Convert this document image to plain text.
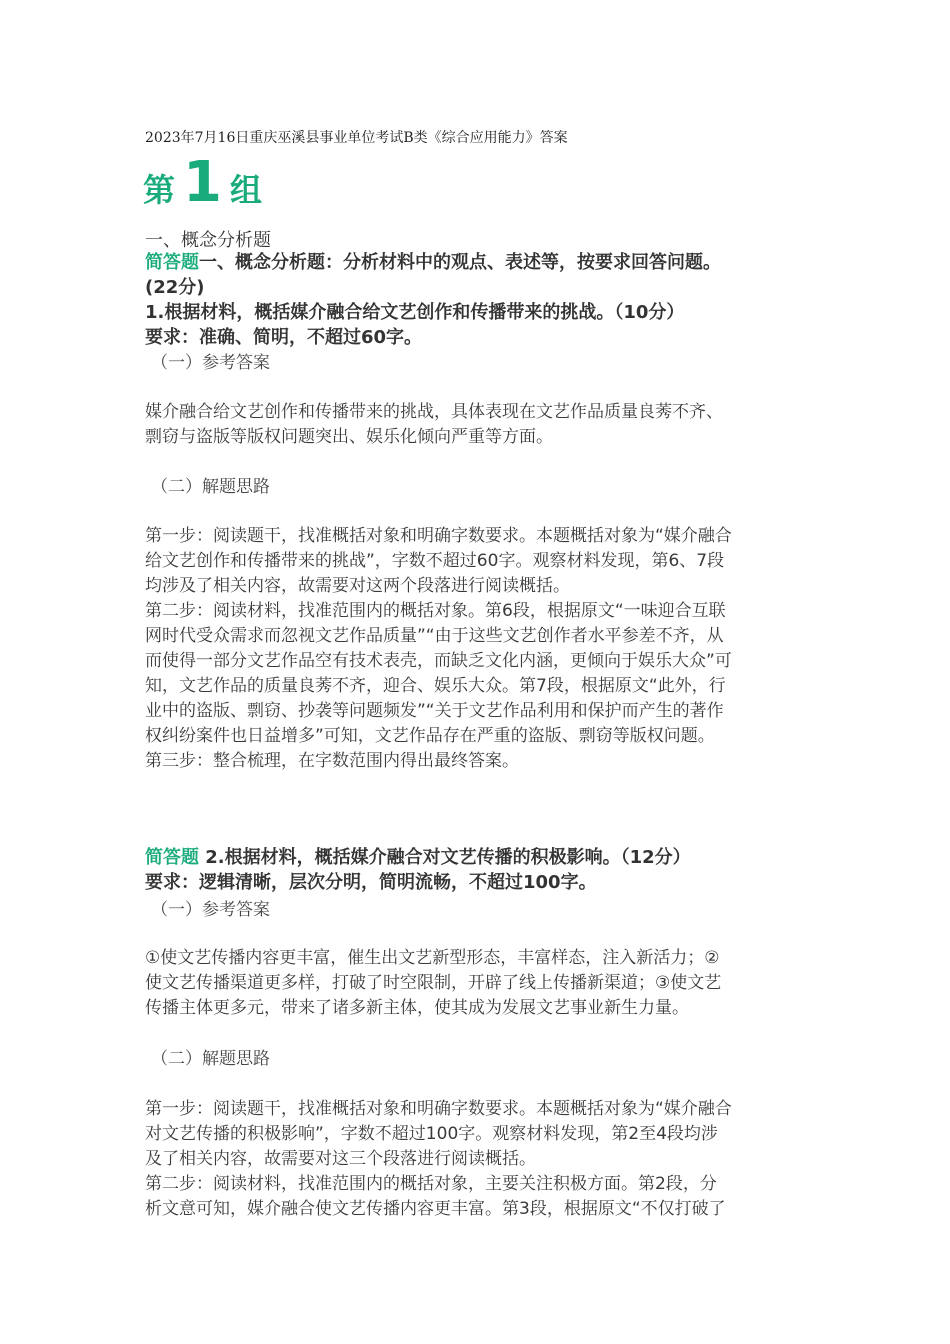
2023年7月16日重庆巫溪县事业单位考试B类《综合应用能力》答案
第 1 组
一、概念分析题

简答题一、概念分析题：分析材料中的观点、表述等，按要求回答问题。

(22分)

1.根据材料，概括媒介融合给文艺创作和传播带来的挑战。（10分）

要求：准确、简明，不超过60字。

（一）参考答案

媒介融合给文艺创作和传播带来的挑战，具体表现在文艺作品质量良莠不齐、

剽窃与盗版等版权问题突出、娱乐化倾向严重等方面。

（二）解题思路

第一步：阅读题干，找准概括对象和明确字数要求。本题概括对象为“媒介融合

给文艺创作和传播带来的挑战”，字数不超过60字。观察材料发现，第6、7段

均涉及了相关内容，故需要对这两个段落进行阅读概括。

第二步：阅读材料，找准范围内的概括对象。第6段，根据原文“一味迎合互联

网时代受众需求而忽视文艺作品质量”“由于这些文艺创作者水平参差不齐，从

而使得一部分文艺作品空有技术表壳，而缺乏文化内涵，更倾向于娱乐大众”可

知，文艺作品的质量良莠不齐，迎合、娱乐大众。第7段，根据原文“此外，行

业中的盗版、剽窃、抄袭等问题频发”“关于文艺作品利用和保护而产生的著作

权纠纷案件也日益增多”可知，文艺作品存在严重的盗版、剽窃等版权问题。

第三步：整合梳理，在字数范围内得出最终答案。

简答题 2.根据材料，概括媒介融合对文艺传播的积极影响。（12分）

要求：逻辑清晰，层次分明，简明流畅，不超过100字。

（一）参考答案

①使文艺传播内容更丰富，催生出文艺新型形态，丰富样态，注入新活力；②

使文艺传播渠道更多样，打破了时空限制，开辟了线上传播新渠道；③使文艺

传播主体更多元，带来了诸多新主体，使其成为发展文艺事业新生力量。

（二）解题思路

第一步：阅读题干，找准概括对象和明确字数要求。本题概括对象为“媒介融合

对文艺传播的积极影响”，字数不超过100字。观察材料发现，第2至4段均涉

及了相关内容，故需要对这三个段落进行阅读概括。

第二步：阅读材料，找准范围内的概括对象，主要关注积极方面。第2段，分

析文意可知，媒介融合使文艺传播内容更丰富。第3段，根据原文“不仅打破了
